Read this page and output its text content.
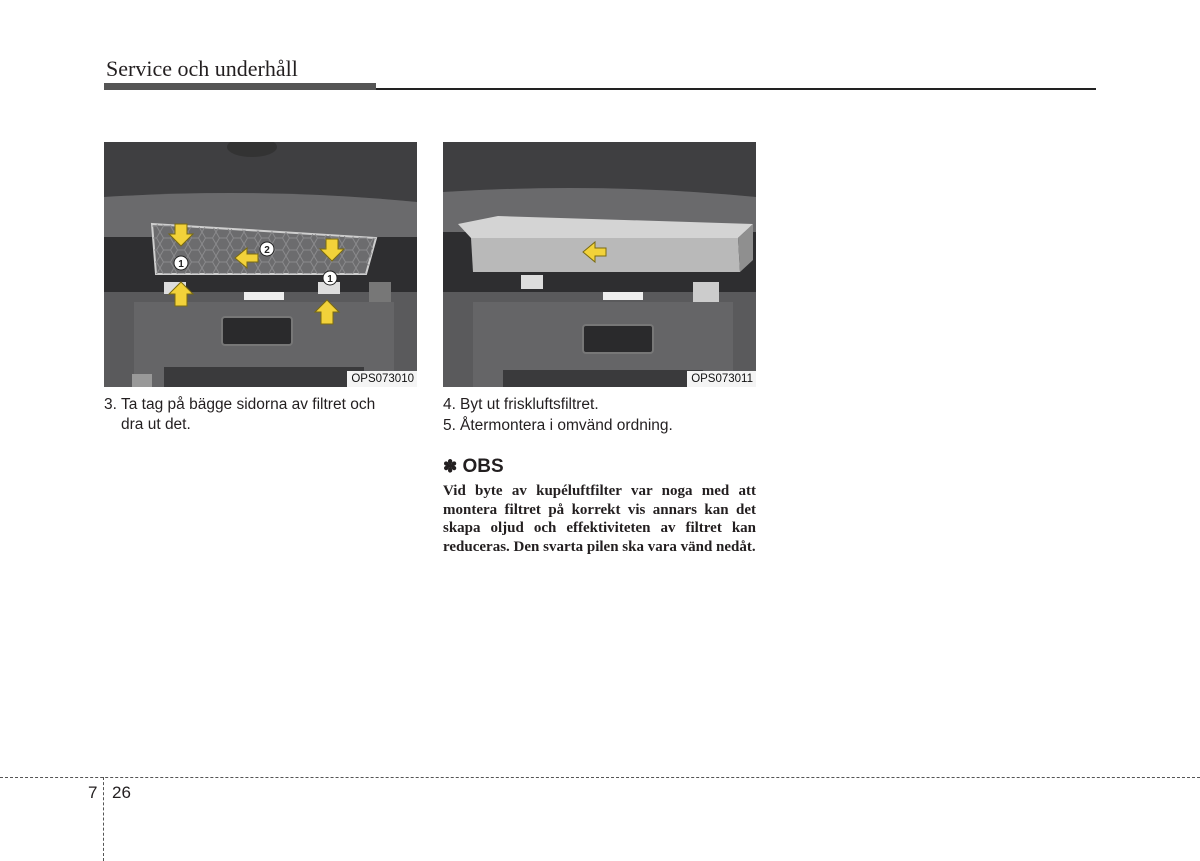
Service och underhåll
1
2
1
OPS073010	OPS073011
3. Ta tag på bägge sidorna av filtret och
dra ut det.
4. Byt ut friskluftsfiltret.
5. Återmontera i omvänd ordning.
✽ OBS
Vid byte av kupéluftfilter var noga med att montera filtret på korrekt vis annars kan det skapa oljud och effektiviteten av filtret kan reduceras. Den svarta pilen ska vara vänd nedåt.
7 26
